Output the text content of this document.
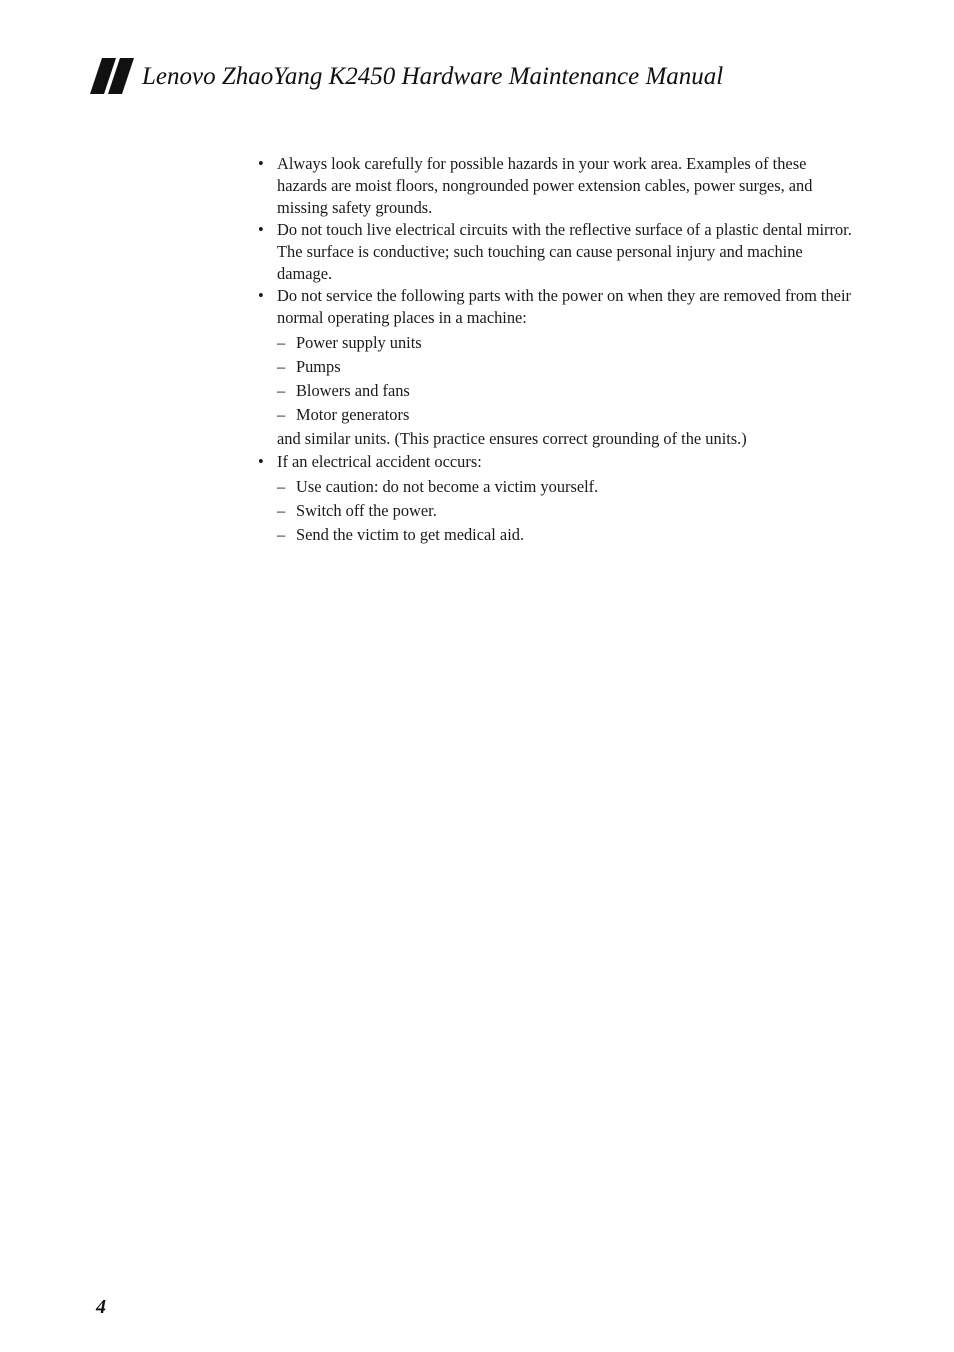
Lenovo ZhaoYang K2450 Hardware Maintenance Manual
• Always look carefully for possible hazards in your work area. Examples of these hazards are moist floors, nongrounded power extension cables, power surges, and missing safety grounds.
• Do not touch live electrical circuits with the reflective surface of a plastic dental mirror. The surface is conductive; such touching can cause personal injury and machine damage.
• Do not service the following parts with the power on when they are removed from their normal operating places in a machine:
– Power supply units
– Pumps
– Blowers and fans
– Motor generators
and similar units. (This practice ensures correct grounding of the units.)
• If an electrical accident occurs:
– Use caution: do not become a victim yourself.
– Switch off the power.
– Send the victim to get medical aid.
4
